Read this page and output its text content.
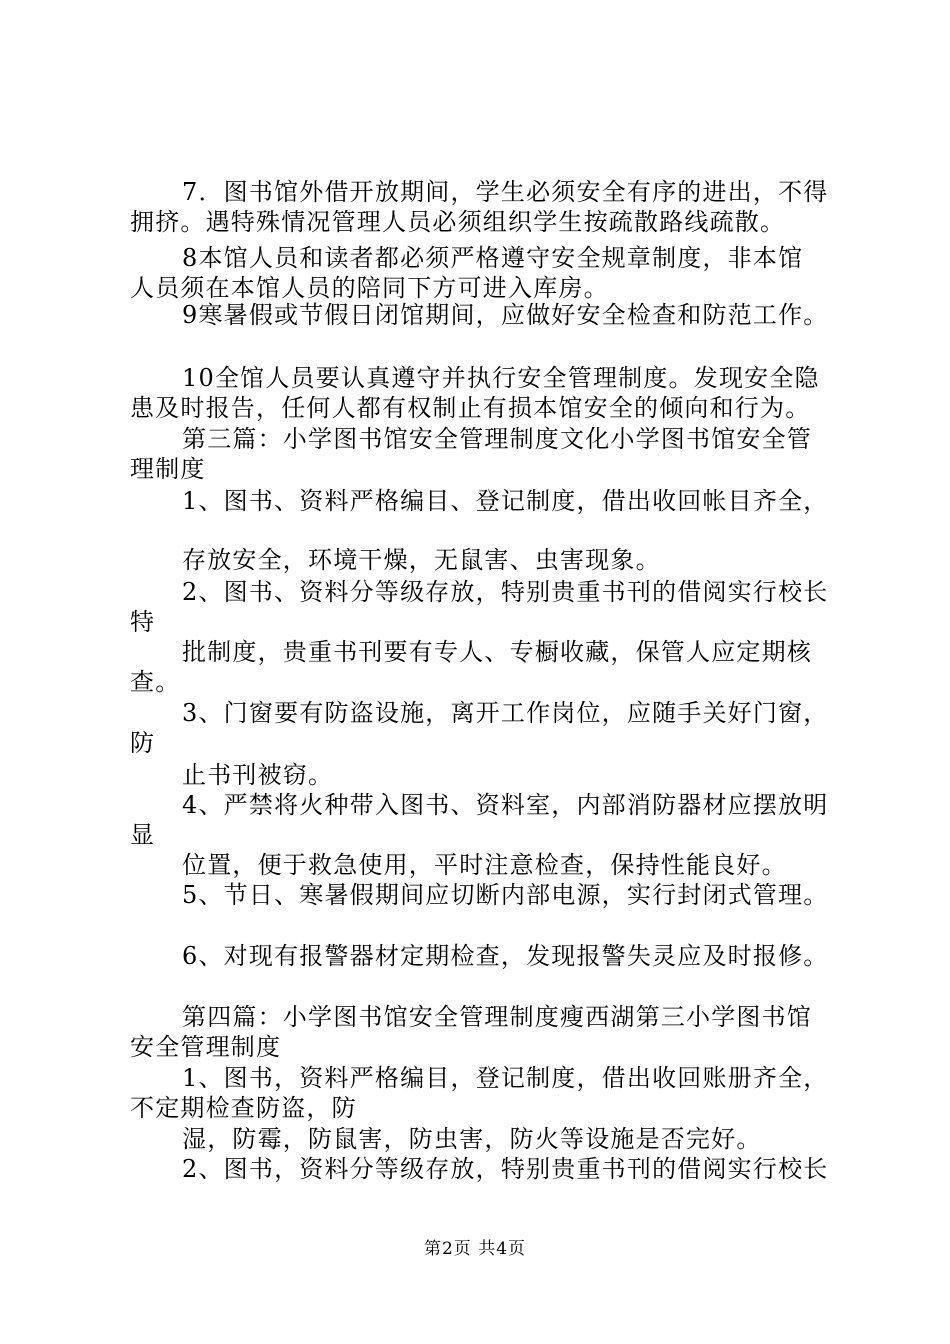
7．图书馆外借开放期间，学生必须安全有序的进出，不得
拥挤。遇特殊情况管理人员必须组织学生按疏散路线疏散。
8本馆人员和读者都必须严格遵守安全规章制度，非本馆
人员须在本馆人员的陪同下方可进入库房。
9寒暑假或节假日闭馆期间，应做好安全检查和防范工作。
10全馆人员要认真遵守并执行安全管理制度。发现安全隐
患及时报告，任何人都有权制止有损本馆安全的倾向和行为。
第三篇：小学图书馆安全管理制度文化小学图书馆安全管
理制度
1、图书、资料严格编目、登记制度，借出收回帐目齐全，
存放安全，环境干燥，无鼠害、虫害现象。
2、图书、资料分等级存放，特别贵重书刊的借阅实行校长
特
批制度，贵重书刊要有专人、专橱收藏，保管人应定期核
查。
3、门窗要有防盗设施，离开工作岗位，应随手关好门窗，
防
止书刊被窃。
4、严禁将火种带入图书、资料室，内部消防器材应摆放明
显
位置，便于救急使用，平时注意检查，保持性能良好。
5、节日、寒暑假期间应切断内部电源，实行封闭式管理。
6、对现有报警器材定期检查，发现报警失灵应及时报修。
第四篇：小学图书馆安全管理制度瘦西湖第三小学图书馆
安全管理制度
1、图书，资料严格编目，登记制度，借出收回账册齐全，
不定期检查防盗，防
湿，防霉，防鼠害，防虫害，防火等设施是否完好。
2、图书，资料分等级存放，特别贵重书刊的借阅实行校长
第2页 共4页
